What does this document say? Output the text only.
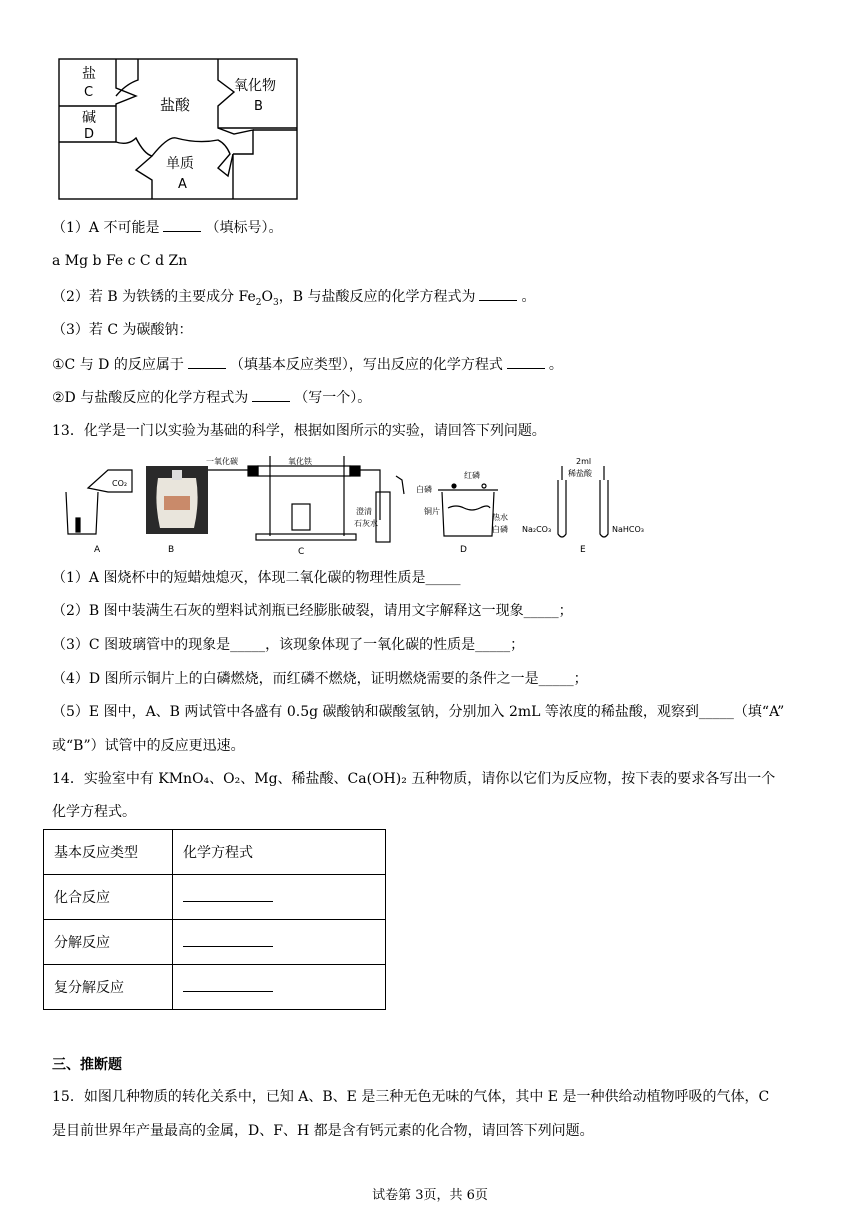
盐
C
碱
D
盐酸
氧化物
B
单质
A
（1）A 不可能是	（填标号）。
a Mg b Fe c C d Zn
（2）若 B 为铁锈的主要成分 $Fe_2O_3$，B 与盐酸反应的化学方程式为	。
（3）若 C 为碳酸钠：
①C 与 D 的反应属于	（填基本反应类型），写出反应的化学方程式	。
②D 与盐酸反应的化学方程式为	（写一个）。
13．化学是一门以实验为基础的科学，根据如图所示的实验，请回答下列问题。
CO₂
A	B
一氧化碳	氧化铁
澄清
石灰水
C
红磷
白磷
铜片
热水
白磷
D
2ml
稀盐酸
Na₂CO₃	NaHCO₃
E
（1）A 图烧杯中的短蜡烛熄灭，体现二氧化碳的物理性质是_____
（2）B 图中装满生石灰的塑料试剂瓶已经膨胀破裂，请用文字解释这一现象_____；
（3）C 图玻璃管中的现象是_____，该现象体现了一氧化碳的性质是_____；
（4）D 图所示铜片上的白磷燃烧，而红磷不燃烧，证明燃烧需要的条件之一是_____；
（5）E 图中，A、B 两试管中各盛有 0.5g 碳酸钠和碳酸氢钠，分别加入 2mL 等浓度的稀盐酸，观察到_____（填“A”
或“B”）试管中的反应更迅速。
14．实验室中有 KMnO₄、O₂、Mg、稀盐酸、Ca(OH)₂ 五种物质，请你以它们为反应物，按下表的要求各写出一个
化学方程式。
基本反应类型	化学方程式
化合反应	
分解反应	
复分解反应	
三、推断题
15．如图几种物质的转化关系中，已知 A、B、E 是三种无色无味的气体，其中 E 是一种供给动植物呼吸的气体，C
是目前世界年产量最高的金属，D、F、H 都是含有钙元素的化合物，请回答下列问题。
试卷第 3页，共 6页
